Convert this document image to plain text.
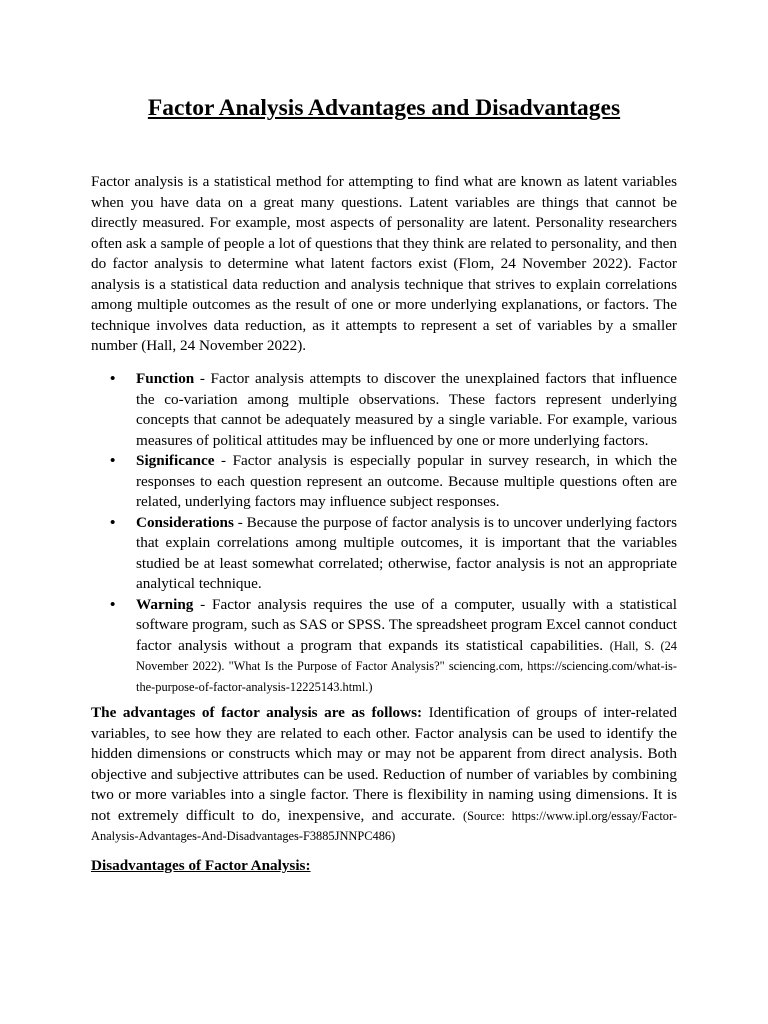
Factor Analysis Advantages and Disadvantages

Factor analysis is a statistical method for attempting to find what are known as latent variables when you have data on a great many questions. Latent variables are things that cannot be directly measured. For example, most aspects of personality are latent. Personality researchers often ask a sample of people a lot of questions that they think are related to personality, and then do factor analysis to determine what latent factors exist (Flom, 24 November 2022). Factor analysis is a statistical data reduction and analysis technique that strives to explain correlations among multiple outcomes as the result of one or more underlying explanations, or factors. The technique involves data reduction, as it attempts to represent a set of variables by a smaller number (Hall, 24 November 2022).

• Function - Factor analysis attempts to discover the unexplained factors that influence the co-variation among multiple observations. These factors represent underlying concepts that cannot be adequately measured by a single variable. For example, various measures of political attitudes may be influenced by one or more underlying factors.
• Significance - Factor analysis is especially popular in survey research, in which the responses to each question represent an outcome. Because multiple questions often are related, underlying factors may influence subject responses.
• Considerations - Because the purpose of factor analysis is to uncover underlying factors that explain correlations among multiple outcomes, it is important that the variables studied be at least somewhat correlated; otherwise, factor analysis is not an appropriate analytical technique.
• Warning - Factor analysis requires the use of a computer, usually with a statistical software program, such as SAS or SPSS. The spreadsheet program Excel cannot conduct factor analysis without a program that expands its statistical capabilities. (Hall, S. (24 November 2022). "What Is the Purpose of Factor Analysis?" sciencing.com, https://sciencing.com/what-is-the-purpose-of-factor-analysis-12225143.html.)

The advantages of factor analysis are as follows: Identification of groups of inter-related variables, to see how they are related to each other. Factor analysis can be used to identify the hidden dimensions or constructs which may or may not be apparent from direct analysis. Both objective and subjective attributes can be used. Reduction of number of variables by combining two or more variables into a single factor. There is flexibility in naming using dimensions. It is not extremely difficult to do, inexpensive, and accurate. (Source: https://www.ipl.org/essay/Factor-Analysis-Advantages-And-Disadvantages-F3885JNNPC486)

Disadvantages of Factor Analysis:
